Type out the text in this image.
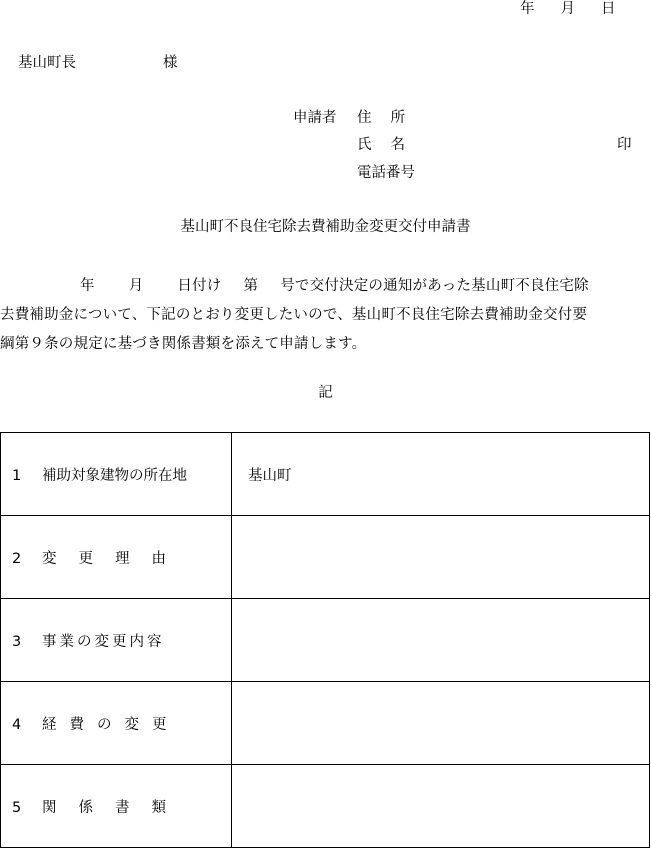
年 月 日
基山町長	様
申請者 住所
氏名	印
電話番号
基山町不良住宅除去費補助金変更交付申請書
年 月 日付け 第 号で交付決定の通知があった基山町不良住宅除
去費補助金について、下記のとおり変更したいので、基山町不良住宅除去費補助金交付要
綱第９条の規定に基づき関係書類を添えて申請します。
記
1 補助対象建物の所在地	基山町
2 変更理由	
3 事業の変更内容	
4 経費の変更	
5 関係書類	
